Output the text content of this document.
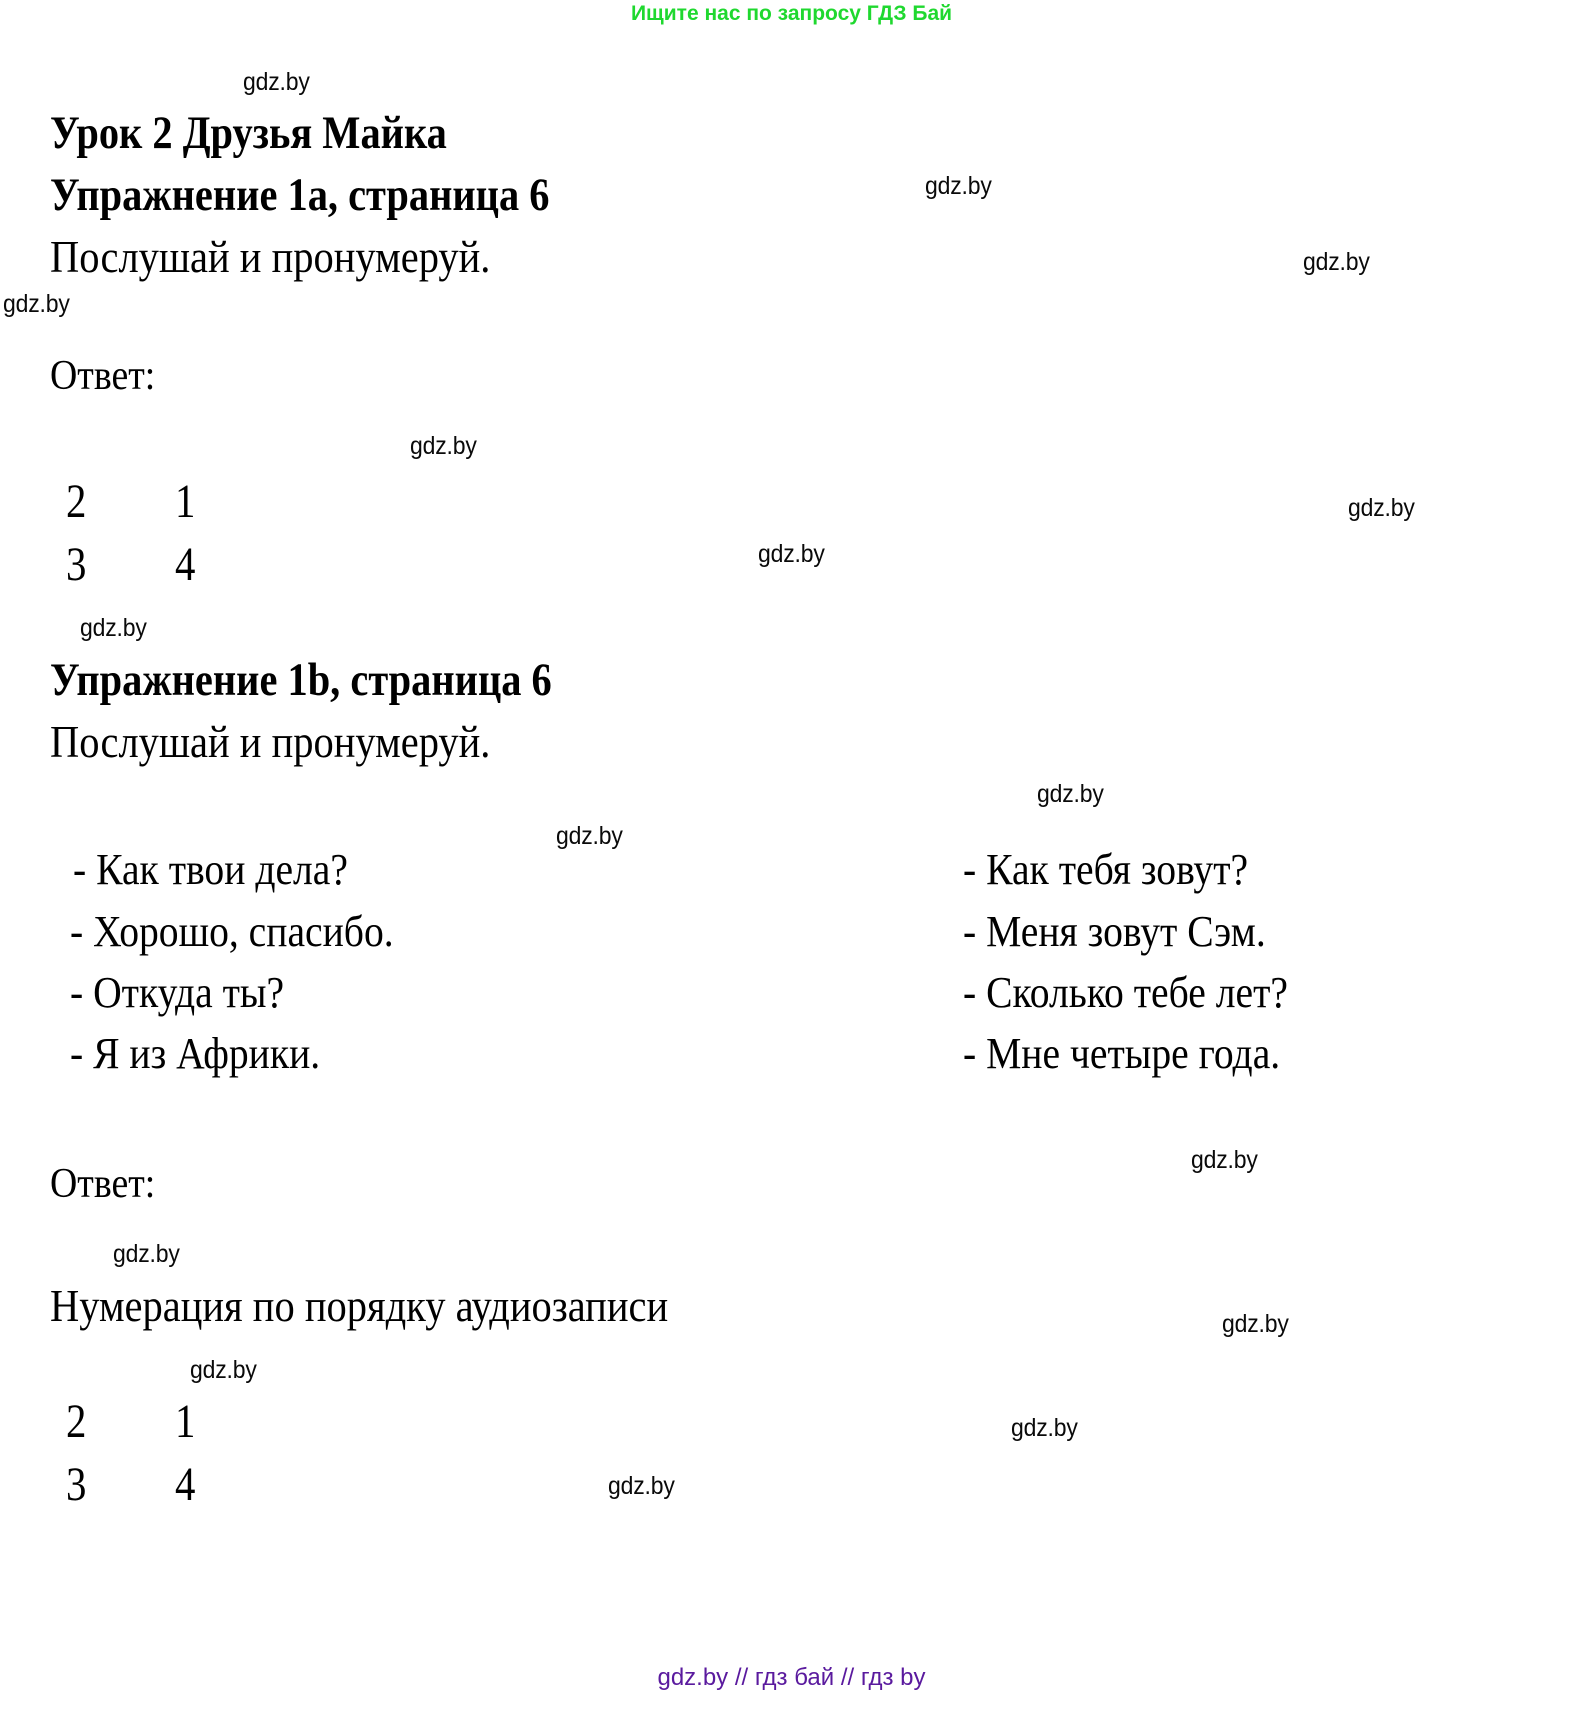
Ищите нас по запросу ГДЗ Бай
gdz.by
gdz.by
gdz.by
gdz.by
gdz.by
gdz.by
gdz.by
gdz.by
gdz.by
gdz.by
gdz.by
gdz.by
gdz.by
gdz.by
gdz.by
gdz.by
Урок 2 Друзья Майка
Упражнение 1a, страница 6
Послушай и пронумеруй.
Ответ:
2 1
3 4
Упражнение 1b, страница 6
Послушай и пронумеруй.
- Как твои дела?
- Хорошо, спасибо.
- Откуда ты?
- Я из Африки.
- Как тебя зовут?
- Меня зовут Сэм.
- Сколько тебе лет?
- Мне четыре года.
Ответ:
Нумерация по порядку аудиозаписи
2 1
3 4
gdz.by // гдз бай // гдз by
